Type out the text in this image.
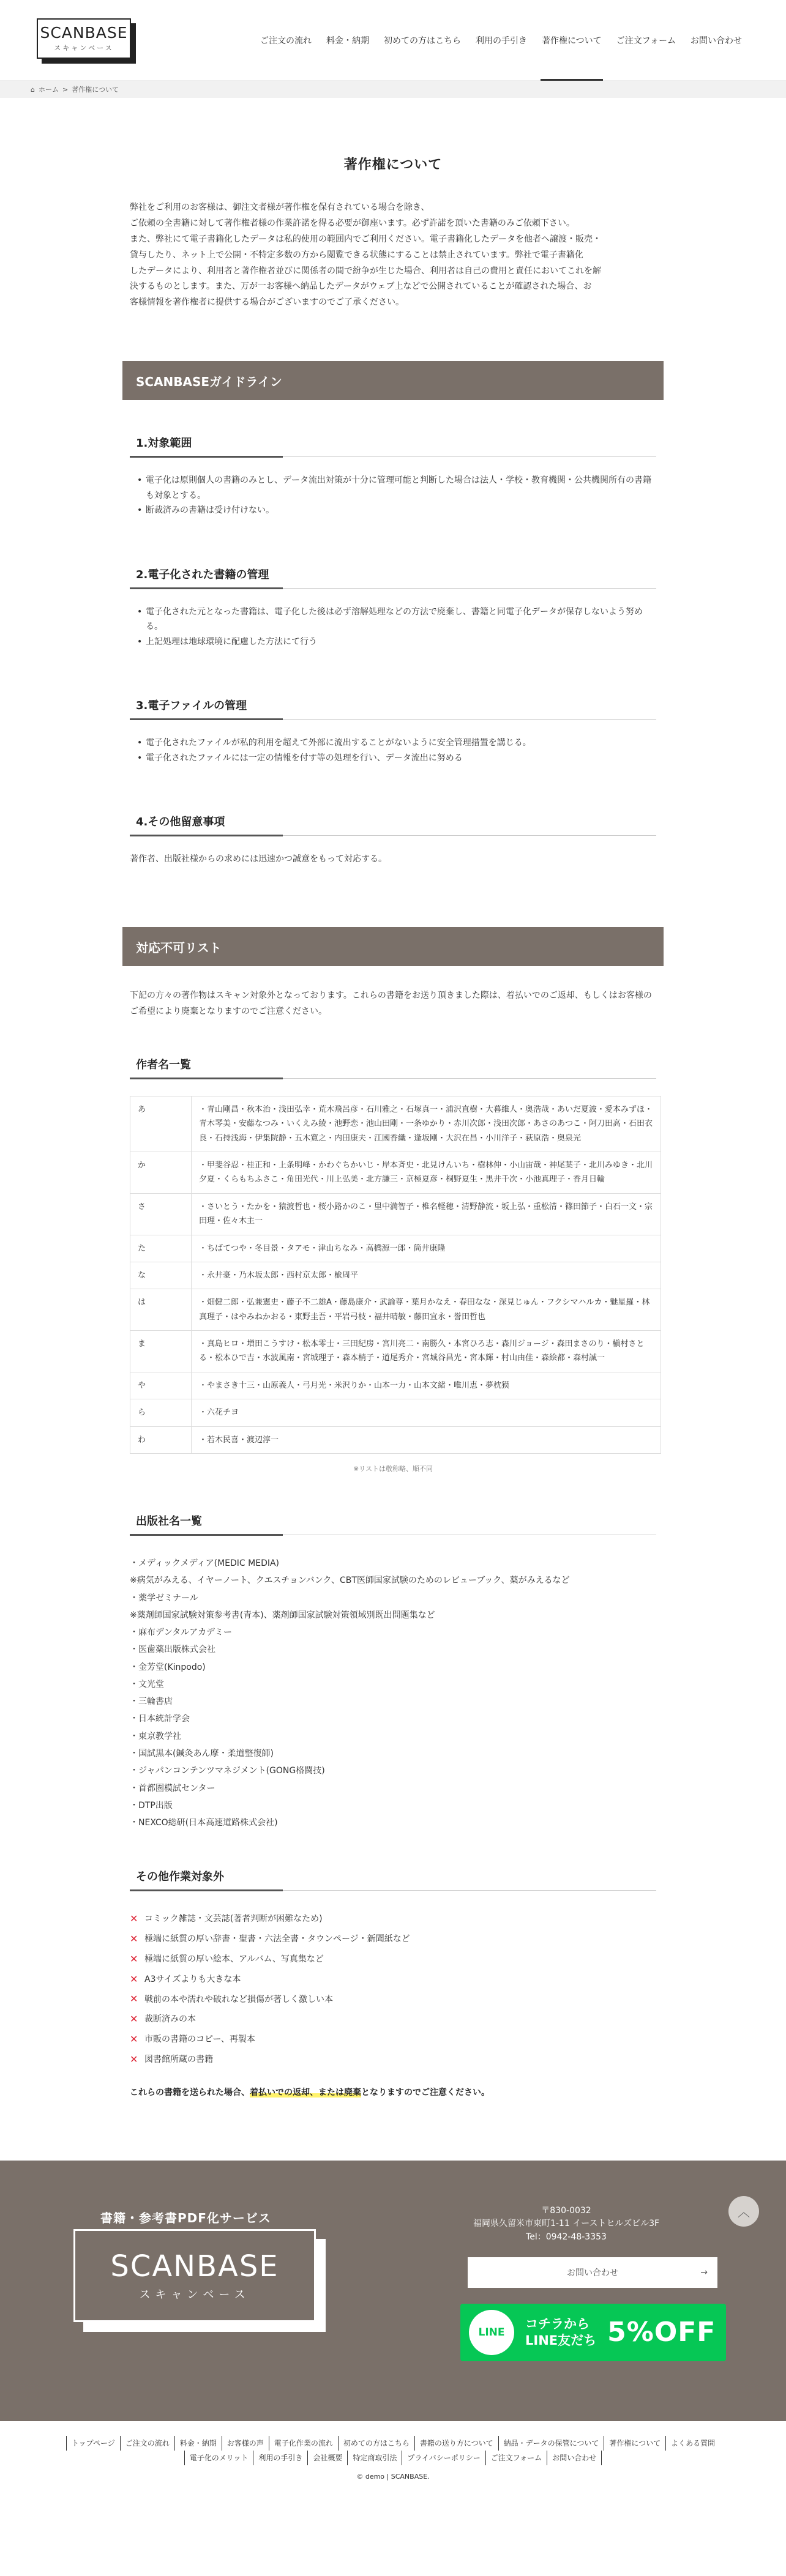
SCANBASE
スキャンベース
ご注文の流れ	料金・納期	初めての方はこちら	利用の手引き	著作権について	ご注文フォーム	お問い合わせ
⌂ ホーム > 著作権について
著作権について
弊社をご利用のお客様は、御注文者様が著作権を保有されている場合を除き、
ご依頼の全書籍に対して著作権者様の作業許諾を得る必要が御座います。必ず許諾を頂いた書籍のみご依頼下さい。
また、弊社にて電子書籍化したデータは私的使用の範囲内でご利用ください。電子書籍化したデータを他者へ譲渡・販売・
貸与したり、ネット上で公開・不特定多数の方から閲覧できる状態にすることは禁止されています。弊社で電子書籍化
したデータにより、利用者と著作権者並びに関係者の間で紛争が生じた場合、利用者は自己の費用と責任においてこれを解
決するものとします。また、万が一お客様へ納品したデータがウェブ上などで公開されていることが確認された場合、お
客様情報を著作権者に提供する場合がございますのでご了承ください。
SCANBASEガイドライン
1.対象範囲
• 電子化は原則個人の書籍のみとし、データ流出対策が十分に管理可能と判断した場合は法人・学校・教育機関・公共機関所有の書籍も対象とする。
• 断裁済みの書籍は受け付けない。
2.電子化された書籍の管理
• 電子化された元となった書籍は、電子化した後は必ず溶解処理などの方法で廃棄し、書籍と同電子化データが保存しないよう努める。
• 上記処理は地球環境に配慮した方法にて行う
3.電子ファイルの管理
• 電子化されたファイルが私的利用を超えて外部に流出することがないように安全管理措置を講じる。
• 電子化されたファイルには一定の情報を付す等の処理を行い、データ流出に努める
4.その他留意事項

著作者、出版社様からの求めには迅速かつ誠意をもって対応する。

対応不可リスト

下記の方々の著作物はスキャン対象外となっております。これらの書籍をお送り頂きました際は、着払いでのご返却、もしくはお客様のご希望により廃棄となりますのでご注意ください。

作者名一覧
あ	・青山剛昌・秋本治・浅田弘幸・荒木飛呂彦・石川雅之・石塚真一・浦沢直樹・大暮維人・奥浩哉・あいだ夏波・愛本みずほ・青木琴美・安藤なつみ・いくえみ綾・池野恋・池山田剛・一条ゆかり・赤川次郎・浅田次郎・あさのあつこ・阿刀田高・石田衣良・石持浅海・伊集院静・五木寛之・内田康夫・江國香織・逢坂剛・大沢在昌・小川洋子・荻原浩・奥泉光
か	・甲斐谷忍・桂正和・上条明峰・かわぐちかいじ・岸本斉史・北見けんいち・樹林伸・小山宙哉・神尾葉子・北川みゆき・北川夕夏・くらもちふさこ・角田光代・川上弘美・北方謙三・京極夏彦・桐野夏生・黒井千次・小池真理子・香月日輪
さ	・さいとう・たかを・猿渡哲也・桜小路かのこ・里中満智子・椎名軽穂・清野静流・坂上弘・重松清・篠田節子・白石一文・宗田理・佐々木主一
た	・ちばてつや・冬目景・タアモ・津山ちなみ・高橋源一郎・筒井康隆
な	・永井豪・乃木坂太郎・西村京太郎・楡周平
は	・畑健二郎・弘兼憲史・藤子不二雄A・藤島康介・武論尊・葉月かなえ・春田なな・深見じゅん・フクシマハルカ・魅星羅・林真理子・はやみねかおる・東野圭吾・平岩弓枝・福井晴敏・藤田宜永・誉田哲也
ま	・真島ヒロ・増田こうすけ・松本零士・三田紀房・宮川亮二・南勝久・本宮ひろ志・森川ジョージ・森田まさのり・槇村さとる・松本ひで吉・水波風南・宮城理子・森本梢子・道尾秀介・宮城谷昌光・宮本輝・村山由佳・森絵都・森村誠一
や	・やまさき十三・山原義人・弓月光・米沢りか・山本一力・山本文緒・唯川恵・夢枕獏
ら	・六花チヨ
わ	・若木民喜・渡辺淳一
※リストは敬称略、順不同
出版社名一覧
・メディックメディア(MEDIC MEDIA)
※病気がみえる、イヤーノート、クエスチョンバンク、CBT医師国家試験のためのレビューブック、薬がみえるなど
・薬学ゼミナール
※薬剤師国家試験対策参考書(青本)、薬剤師国家試験対策領域別既出問題集など
・麻布デンタルアカデミー
・医歯薬出版株式会社
・金芳堂(Kinpodo)
・文光堂
・三輪書店
・日本統計学会
・東京教学社
・国試黒本(鍼灸あん摩・柔道整復師)
・ジャパンコンテンツマネジメント(GONG格闘技)
・首都圏模試センター
・DTP出版
・NEXCO総研(日本高速道路株式会社)
その他作業対象外
✕ コミック雑誌・文芸誌(著者判断が困難なため)
✕ 極端に紙質の厚い辞書・聖書・六法全書・タウンページ・新聞紙など
✕ 極端に紙質の厚い絵本、アルバム、写真集など
✕ A3サイズよりも大きな本
✕ 戦前の本や濡れや破れなど損傷が著しく激しい本
✕ 裁断済みの本
✕ 市販の書籍のコピー、再製本
✕ 図書館所蔵の書籍

これらの書籍を送られた場合、着払いでの返却、または廃棄となりますのでご注意ください。

書籍・参考書PDF化サービス
SCANBASE
スキャンベース
〒830-0032
福岡県久留米市東町1-11 イーストヒルズビル3F
Tel：0942-48-3353
お問い合わせ	→
LINE
コチラから
LINE友だち 5%OFF
︿
トップページ	ご注文の流れ	料金・納期	お客様の声	電子化作業の流れ	初めての方はこちら	書籍の送り方について	納品・データの保管について	著作権について	よくある質問
電子化のメリット	利用の手引き	会社概要	特定商取引法	プライバシーポリシー	ご注文フォーム	お問い合わせ
© demo | SCANBASE.
